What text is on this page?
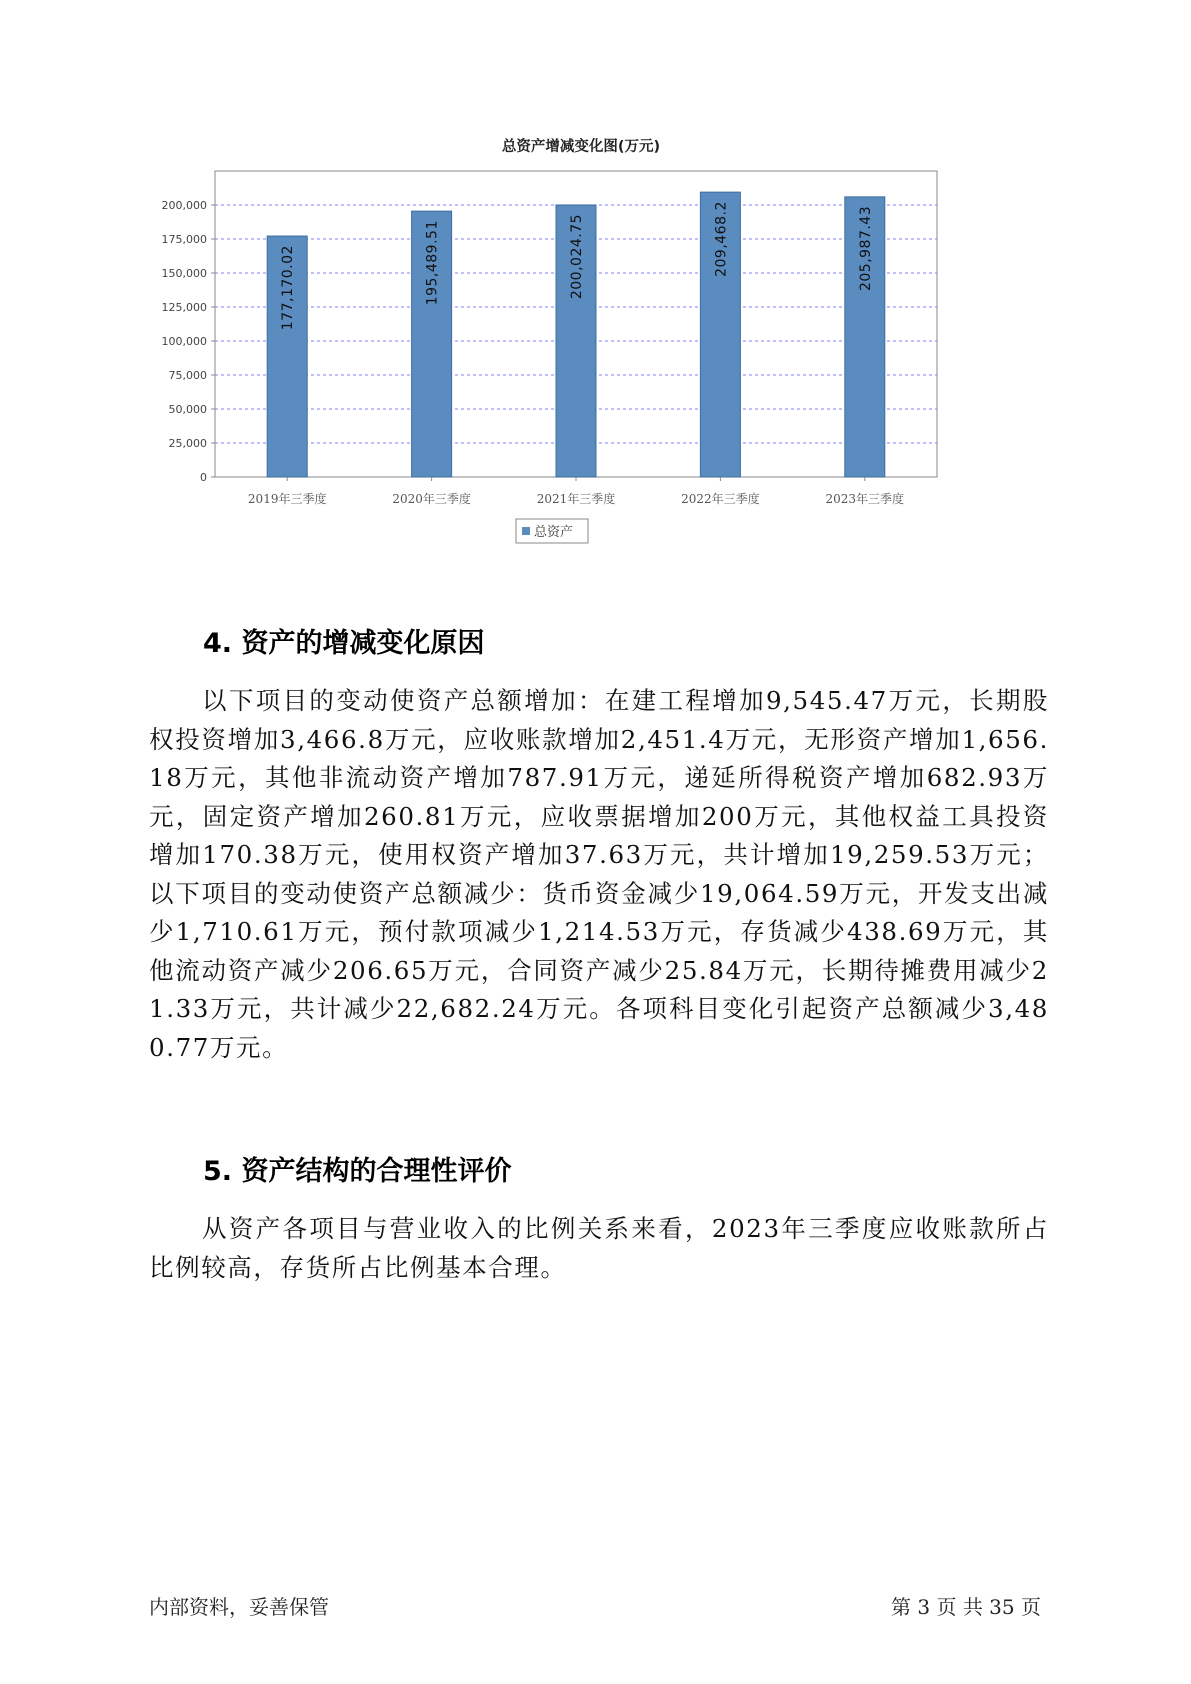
总资产增减变化图(万元)
0
25,000
50,000
75,000
100,000
125,000
150,000
175,000
200,000
177,170.02
2019年三季度
195,489.51
2020年三季度
200,024.75
2021年三季度
209,468.2
2022年三季度
205,987.43
2023年三季度
总资产
4. 资产的增减变化原因

以下项目的变动使资产总额增加：在建工程增加9,545.47万元，长期股权投资增加3,466.8万元，应收账款增加2,451.4万元，无形资产增加1,656.18万元，其他非流动资产增加787.91万元，递延所得税资产增加682.93万元，固定资产增加260.81万元，应收票据增加200万元，其他权益工具投资增加170.38万元，使用权资产增加37.63万元，共计增加19,259.53万元；以下项目的变动使资产总额减少：货币资金减少19,064.59万元，开发支出减少1,710.61万元，预付款项减少1,214.53万元，存货减少438.69万元，其他流动资产减少206.65万元，合同资产减少25.84万元，长期待摊费用减少21.33万元，共计减少22,682.24万元。各项科目变化引起资产总额减少3,480.77万元。

5. 资产结构的合理性评价

从资产各项目与营业收入的比例关系来看，2023年三季度应收账款所占比例较高，存货所占比例基本合理。

内部资料，妥善保管	第 3 页 共 35 页
